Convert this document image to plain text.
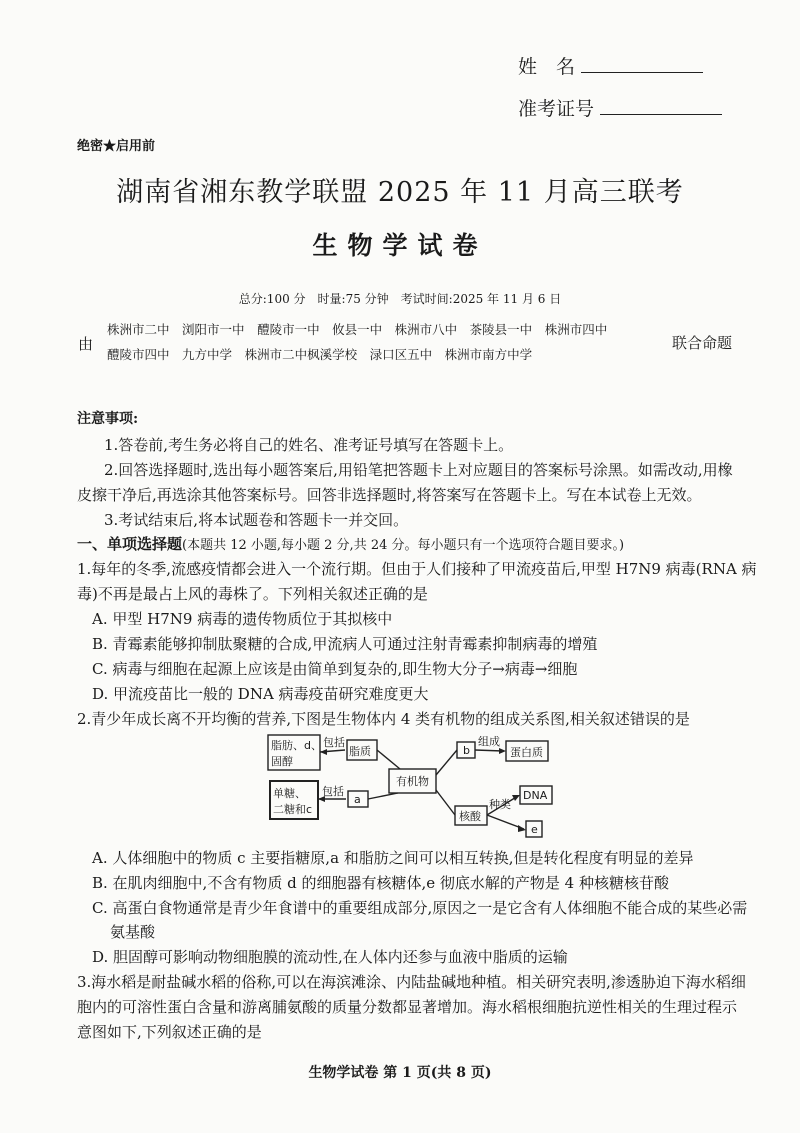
姓　名
准考证号
绝密★启用前
湖南省湘东教学联盟 2025 年 11 月高三联考
生物学试卷
总分:100 分　时量:75 分钟　考试时间:2025 年 11 月 6 日
由
株洲市二中　 浏阳市一中　 醴陵市一中　 攸县一中　 株洲市八中　 茶陵县一中　 株洲市四中
醴陵市四中　 九方中学　 株洲市二中枫溪学校　 渌口区五中　 株洲市南方中学
联合命题
注意事项:
1.答卷前,考生务必将自己的姓名、准考证号填写在答题卡上。
2.回答选择题时,选出每小题答案后,用铅笔把答题卡上对应题目的答案标号涂黑。如需改动,用橡
皮擦干净后,再选涂其他答案标号。回答非选择题时,将答案写在答题卡上。写在本试卷上无效。
3.考试结束后,将本试题卷和答题卡一并交回。
一、单项选择题(本题共 12 小题,每小题 2 分,共 24 分。每小题只有一个选项符合题目要求。)
1.每年的冬季,流感疫情都会进入一个流行期。但由于人们接种了甲流疫苗后,甲型 H7N9 病毒(RNA 病
毒)不再是最占上风的毒株了。下列相关叙述正确的是
A. 甲型 H7N9 病毒的遗传物质位于其拟核中
B. 青霉素能够抑制肽聚糖的合成,甲流病人可通过注射青霉素抑制病毒的增殖
C. 病毒与细胞在起源上应该是由简单到复杂的,即生物大分子→病毒→细胞
D. 甲流疫苗比一般的 DNA 病毒疫苗研究难度更大
2.青少年成长离不开均衡的营养,下图是生物体内 4 类有机物的组成关系图,相关叙述错误的是
脂肪、d、
固醇
包括
脂质
有机物
b
组成
蛋白质
单糖、
二糖和c
包括
a
核酸
种类
DNA
e
A. 人体细胞中的物质 c 主要指糖原,a 和脂肪之间可以相互转换,但是转化程度有明显的差异
B. 在肌肉细胞中,不含有物质 d 的细胞器有核糖体,e 彻底水解的产物是 4 种核糖核苷酸
C. 高蛋白食物通常是青少年食谱中的重要组成部分,原因之一是它含有人体细胞不能合成的某些必需
氨基酸
D. 胆固醇可影响动物细胞膜的流动性,在人体内还参与血液中脂质的运输
3.海水稻是耐盐碱水稻的俗称,可以在海滨滩涂、内陆盐碱地种植。相关研究表明,渗透胁迫下海水稻细
胞内的可溶性蛋白含量和游离脯氨酸的质量分数都显著增加。海水稻根细胞抗逆性相关的生理过程示
意图如下,下列叙述正确的是
生物学试卷 第 1 页(共 8 页)
